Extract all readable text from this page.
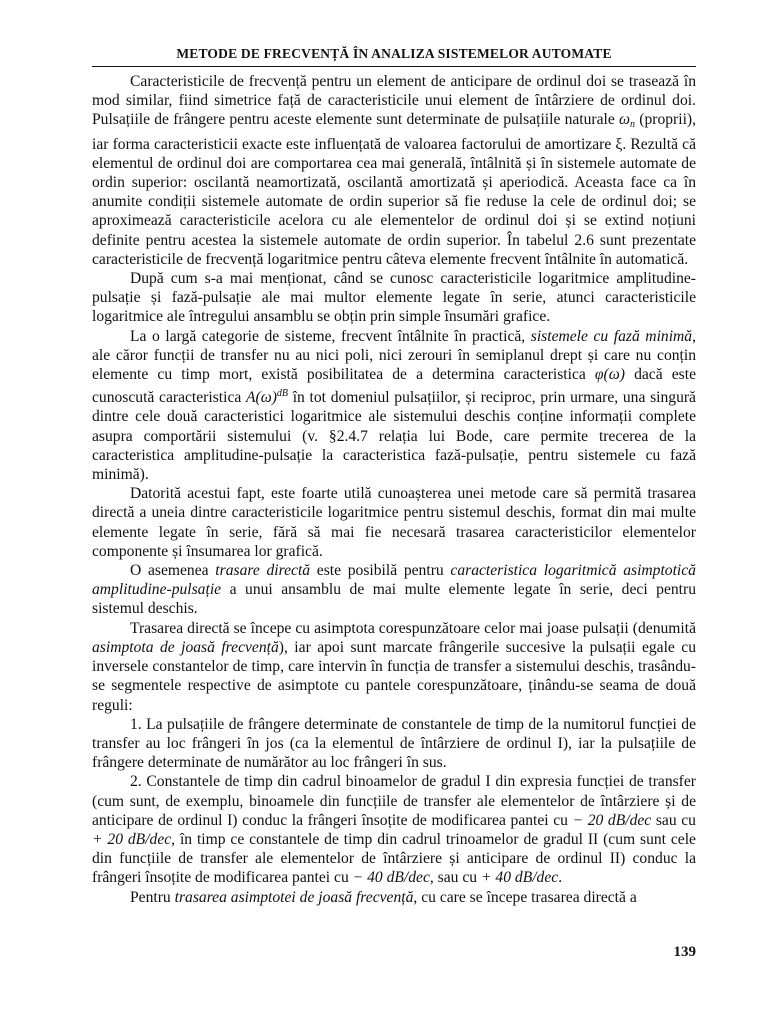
METODE DE FRECVENȚĂ ÎN ANALIZA SISTEMELOR AUTOMATE

Caracteristicile de frecvență pentru un element de anticipare de ordinul doi se trasează în mod similar, fiind simetrice față de caracteristicile unui element de întârziere de ordinul doi. Pulsațiile de frângere pentru aceste elemente sunt determinate de pulsațiile naturale $\omega_n$ (proprii), iar forma caracteristicii exacte este influențată de valoarea factorului de amortizare ξ. Rezultă că elementul de ordinul doi are comportarea cea mai generală, întâlnită și în sistemele automate de ordin superior: oscilantă neamortizată, oscilantă amortizată și aperiodică. Aceasta face ca în anumite condiții sistemele automate de ordin superior să fie reduse la cele de ordinul doi; se aproximează caracteristicile acelora cu ale elementelor de ordinul doi și se extind noțiuni definite pentru acestea la sistemele automate de ordin superior. În tabelul 2.6 sunt prezentate caracteristicile de frecvență logaritmice pentru câteva elemente frecvent întâlnite în automatică.

După cum s-a mai menționat, când se cunosc caracteristicile logaritmice amplitudine-pulsație și fază-pulsație ale mai multor elemente legate în serie, atunci caracteristicile logaritmice ale întregului ansamblu se obțin prin simple însumări grafice.

La o largă categorie de sisteme, frecvent întâlnite în practică, sistemele cu fază minimă, ale căror funcții de transfer nu au nici poli, nici zerouri în semiplanul drept și care nu conțin elemente cu timp mort, există posibilitatea de a determina caracteristica φ(ω) dacă este cunoscută caracteristica $A(\omega)^{dB}$ în tot domeniul pulsațiilor, și reciproc, prin urmare, una singură dintre cele două caracteristici logaritmice ale sistemului deschis conține informații complete asupra comportării sistemului (v. §2.4.7 relația lui Bode, care permite trecerea de la caracteristica amplitudine-pulsație la caracteristica fază-pulsație, pentru sistemele cu fază minimă).

Datorită acestui fapt, este foarte utilă cunoașterea unei metode care să permită trasarea directă a uneia dintre caracteristicile logaritmice pentru sistemul deschis, format din mai multe elemente legate în serie, fără să mai fie necesară trasarea caracteristicilor elementelor componente și însumarea lor grafică.

O asemenea trasare directă este posibilă pentru caracteristica logaritmică asimptotică amplitudine-pulsație a unui ansamblu de mai multe elemente legate în serie, deci pentru sistemul deschis.

Trasarea directă se începe cu asimptota corespunzătoare celor mai joase pulsații (denumită asimptota de joasă frecvență), iar apoi sunt marcate frângerile succesive la pulsații egale cu inversele constantelor de timp, care intervin în funcția de transfer a sistemului deschis, trasându-se segmentele respective de asimptote cu pantele corespunzătoare, ținându-se seama de două reguli:

1. La pulsațiile de frângere determinate de constantele de timp de la numitorul funcției de transfer au loc frângeri în jos (ca la elementul de întârziere de ordinul I), iar la pulsațiile de frângere determinate de numărător au loc frângeri în sus.

2. Constantele de timp din cadrul binoamelor de gradul I din expresia funcției de transfer (cum sunt, de exemplu, binoamele din funcțiile de transfer ale elementelor de întârziere și de anticipare de ordinul I) conduc la frângeri însoțite de modificarea pantei cu − 20 dB/dec sau cu + 20 dB/dec, în timp ce constantele de timp din cadrul trinoamelor de gradul II (cum sunt cele din funcțiile de transfer ale elementelor de întârziere și anticipare de ordinul II) conduc la frângeri însoțite de modificarea pantei cu − 40 dB/dec, sau cu + 40 dB/dec.

Pentru trasarea asimptotei de joasă frecvență, cu care se începe trasarea directă a

139
